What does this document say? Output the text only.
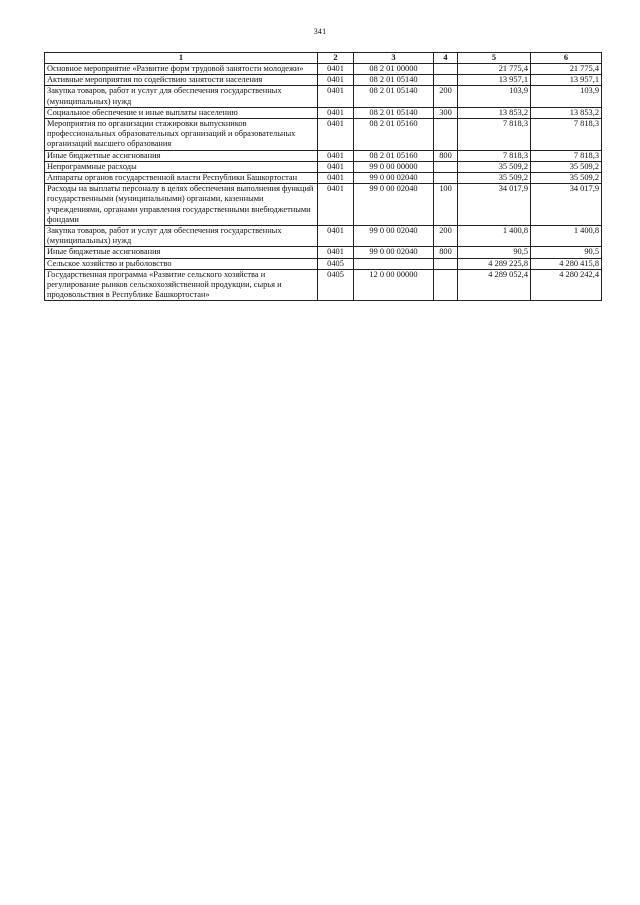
341
1	2	3	4	5	6
Основное мероприятие «Развитие форм трудовой занятости молодежи»	0401	08 2 01 00000		21 775,4	21 775,4
Активные мероприятия по содействию занятости населения	0401	08 2 01 05140		13 957,1	13 957,1
Закупка товаров, работ и услуг для обеспечения государственных (муниципальных) нужд	0401	08 2 01 05140	200	103,9	103,9
Социальное обеспечение и иные выплаты населению	0401	08 2 01 05140	300	13 853,2	13 853,2
Мероприятия по организации стажировки выпускников профессиональных образовательных организаций и образовательных организаций высшего образования	0401	08 2 01 05160		7 818,3	7 818,3
Иные бюджетные ассигнования	0401	08 2 01 05160	800	7 818,3	7 818,3
Непрограммные расходы	0401	99 0 00 00000		35 509,2	35 509,2
Аппараты органов государственной власти Республики Башкортостан	0401	99 0 00 02040		35 509,2	35 509,2
Расходы на выплаты персоналу в целях обеспечения выполнения функций государственными (муниципальными) органами, казенными учреждениями, органами управления государственными внебюджетными фондами	0401	99 0 00 02040	100	34 017,9	34 017,9
Закупка товаров, работ и услуг для обеспечения государственных (муниципальных) нужд	0401	99 0 00 02040	200	1 400,8	1 400,8
Иные бюджетные ассигнования	0401	99 0 00 02040	800	90,5	90,5
Сельское хозяйство и рыболовство	0405			4 289 225,8	4 280 415,8
Государственная программа «Развитие сельского хозяйства и регулирование рынков сельскохозяйственной продукции, сырья и продовольствия в Республике Башкортостан»	0405	12 0 00 00000		4 289 052,4	4 280 242,4
